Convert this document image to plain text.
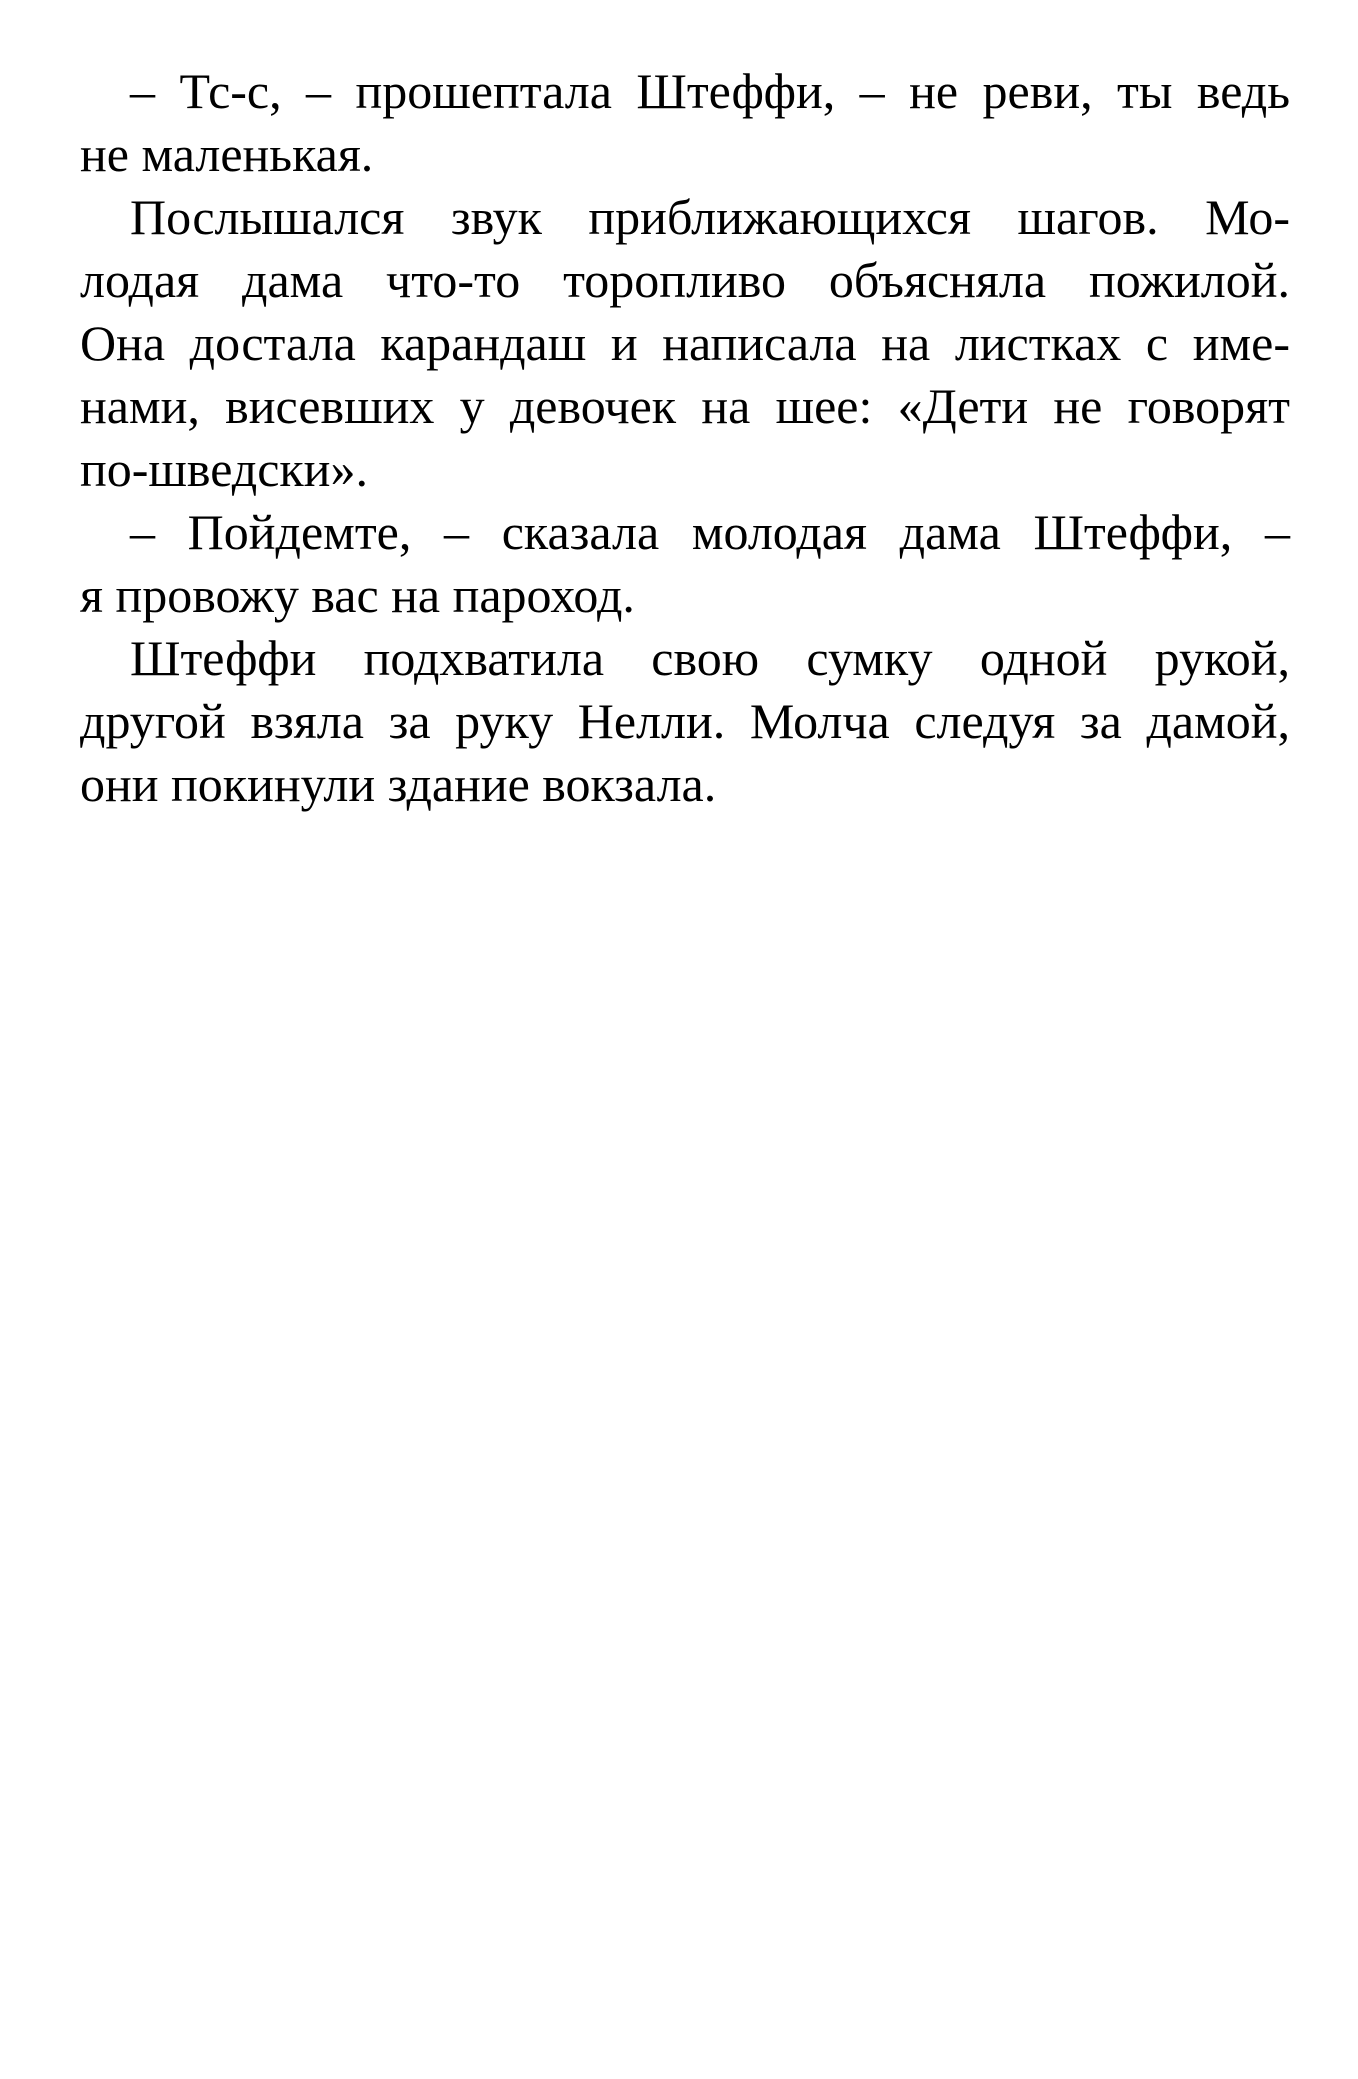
– Тс-с, – прошептала Штеффи, – не реви, ты ведь
не маленькая.

Послышался звук приближающихся шагов. Мо-
лодая дама что-то торопливо объясняла пожилой.
Она достала карандаш и написала на листках с име-
нами, висевших у девочек на шее: «Дети не говорят
по-шведски».

– Пойдемте, – сказала молодая дама Штеффи, –
я провожу вас на пароход.

Штеффи подхватила свою сумку одной рукой,
другой взяла за руку Нелли. Молча следуя за дамой,
они покинули здание вокзала.
